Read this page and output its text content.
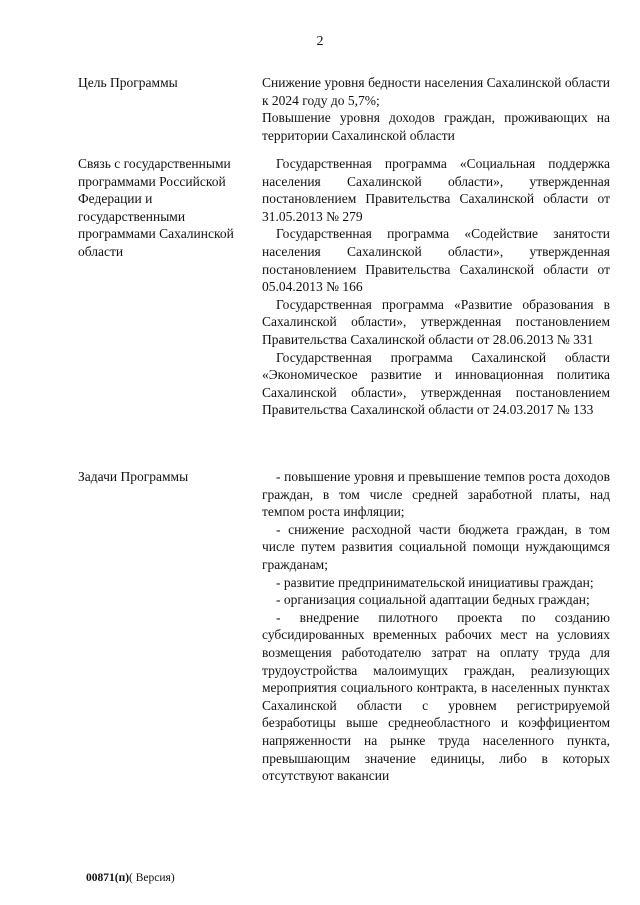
2
Цель Программы	Снижение уровня бедности населения Сахалинской области к 2024 году до 5,7%;

Повышение уровня доходов граждан, проживающих на территории Сахалинской области

Связь с государственными программами Российской Федерации и государственными программами Сахалинской области

Государственная программа «Социальная поддержка населения Сахалинской области», утвержденная постановлением Правительства Сахалинской области от 31.05.2013 № 279

Государственная программа «Содействие занятости населения Сахалинской области», утвержденная постановлением Правительства Сахалинской области от 05.04.2013 № 166

Государственная программа «Развитие образования в Сахалинской области», утвержденная постановлением Правительства Сахалинской области от 28.06.2013 № 331

Государственная программа Сахалинской области «Экономическое развитие и инновационная политика Сахалинской области», утвержденная постановлением Правительства Сахалинской области от 24.03.2017 № 133

Задачи Программы	- повышение уровня и превышение темпов роста доходов граждан, в том числе средней заработной платы, над темпом роста инфляции;

- снижение расходной части бюджета граждан, в том числе путем развития социальной помощи нуждающимся гражданам;

- развитие предпринимательской инициативы граждан;

- организация социальной адаптации бедных граждан;

- внедрение пилотного проекта по созданию субсидированных временных рабочих мест на условиях возмещения работодателю затрат на оплату труда для трудоустройства малоимущих граждан, реализующих мероприятия социального контракта, в населенных пунктах Сахалинской области с уровнем регистрируемой безработицы выше среднеобластного и коэффициентом напряженности на рынке труда населенного пункта, превышающим значение единицы, либо в которых отсутствуют вакансии

00871(п)( Версия)
